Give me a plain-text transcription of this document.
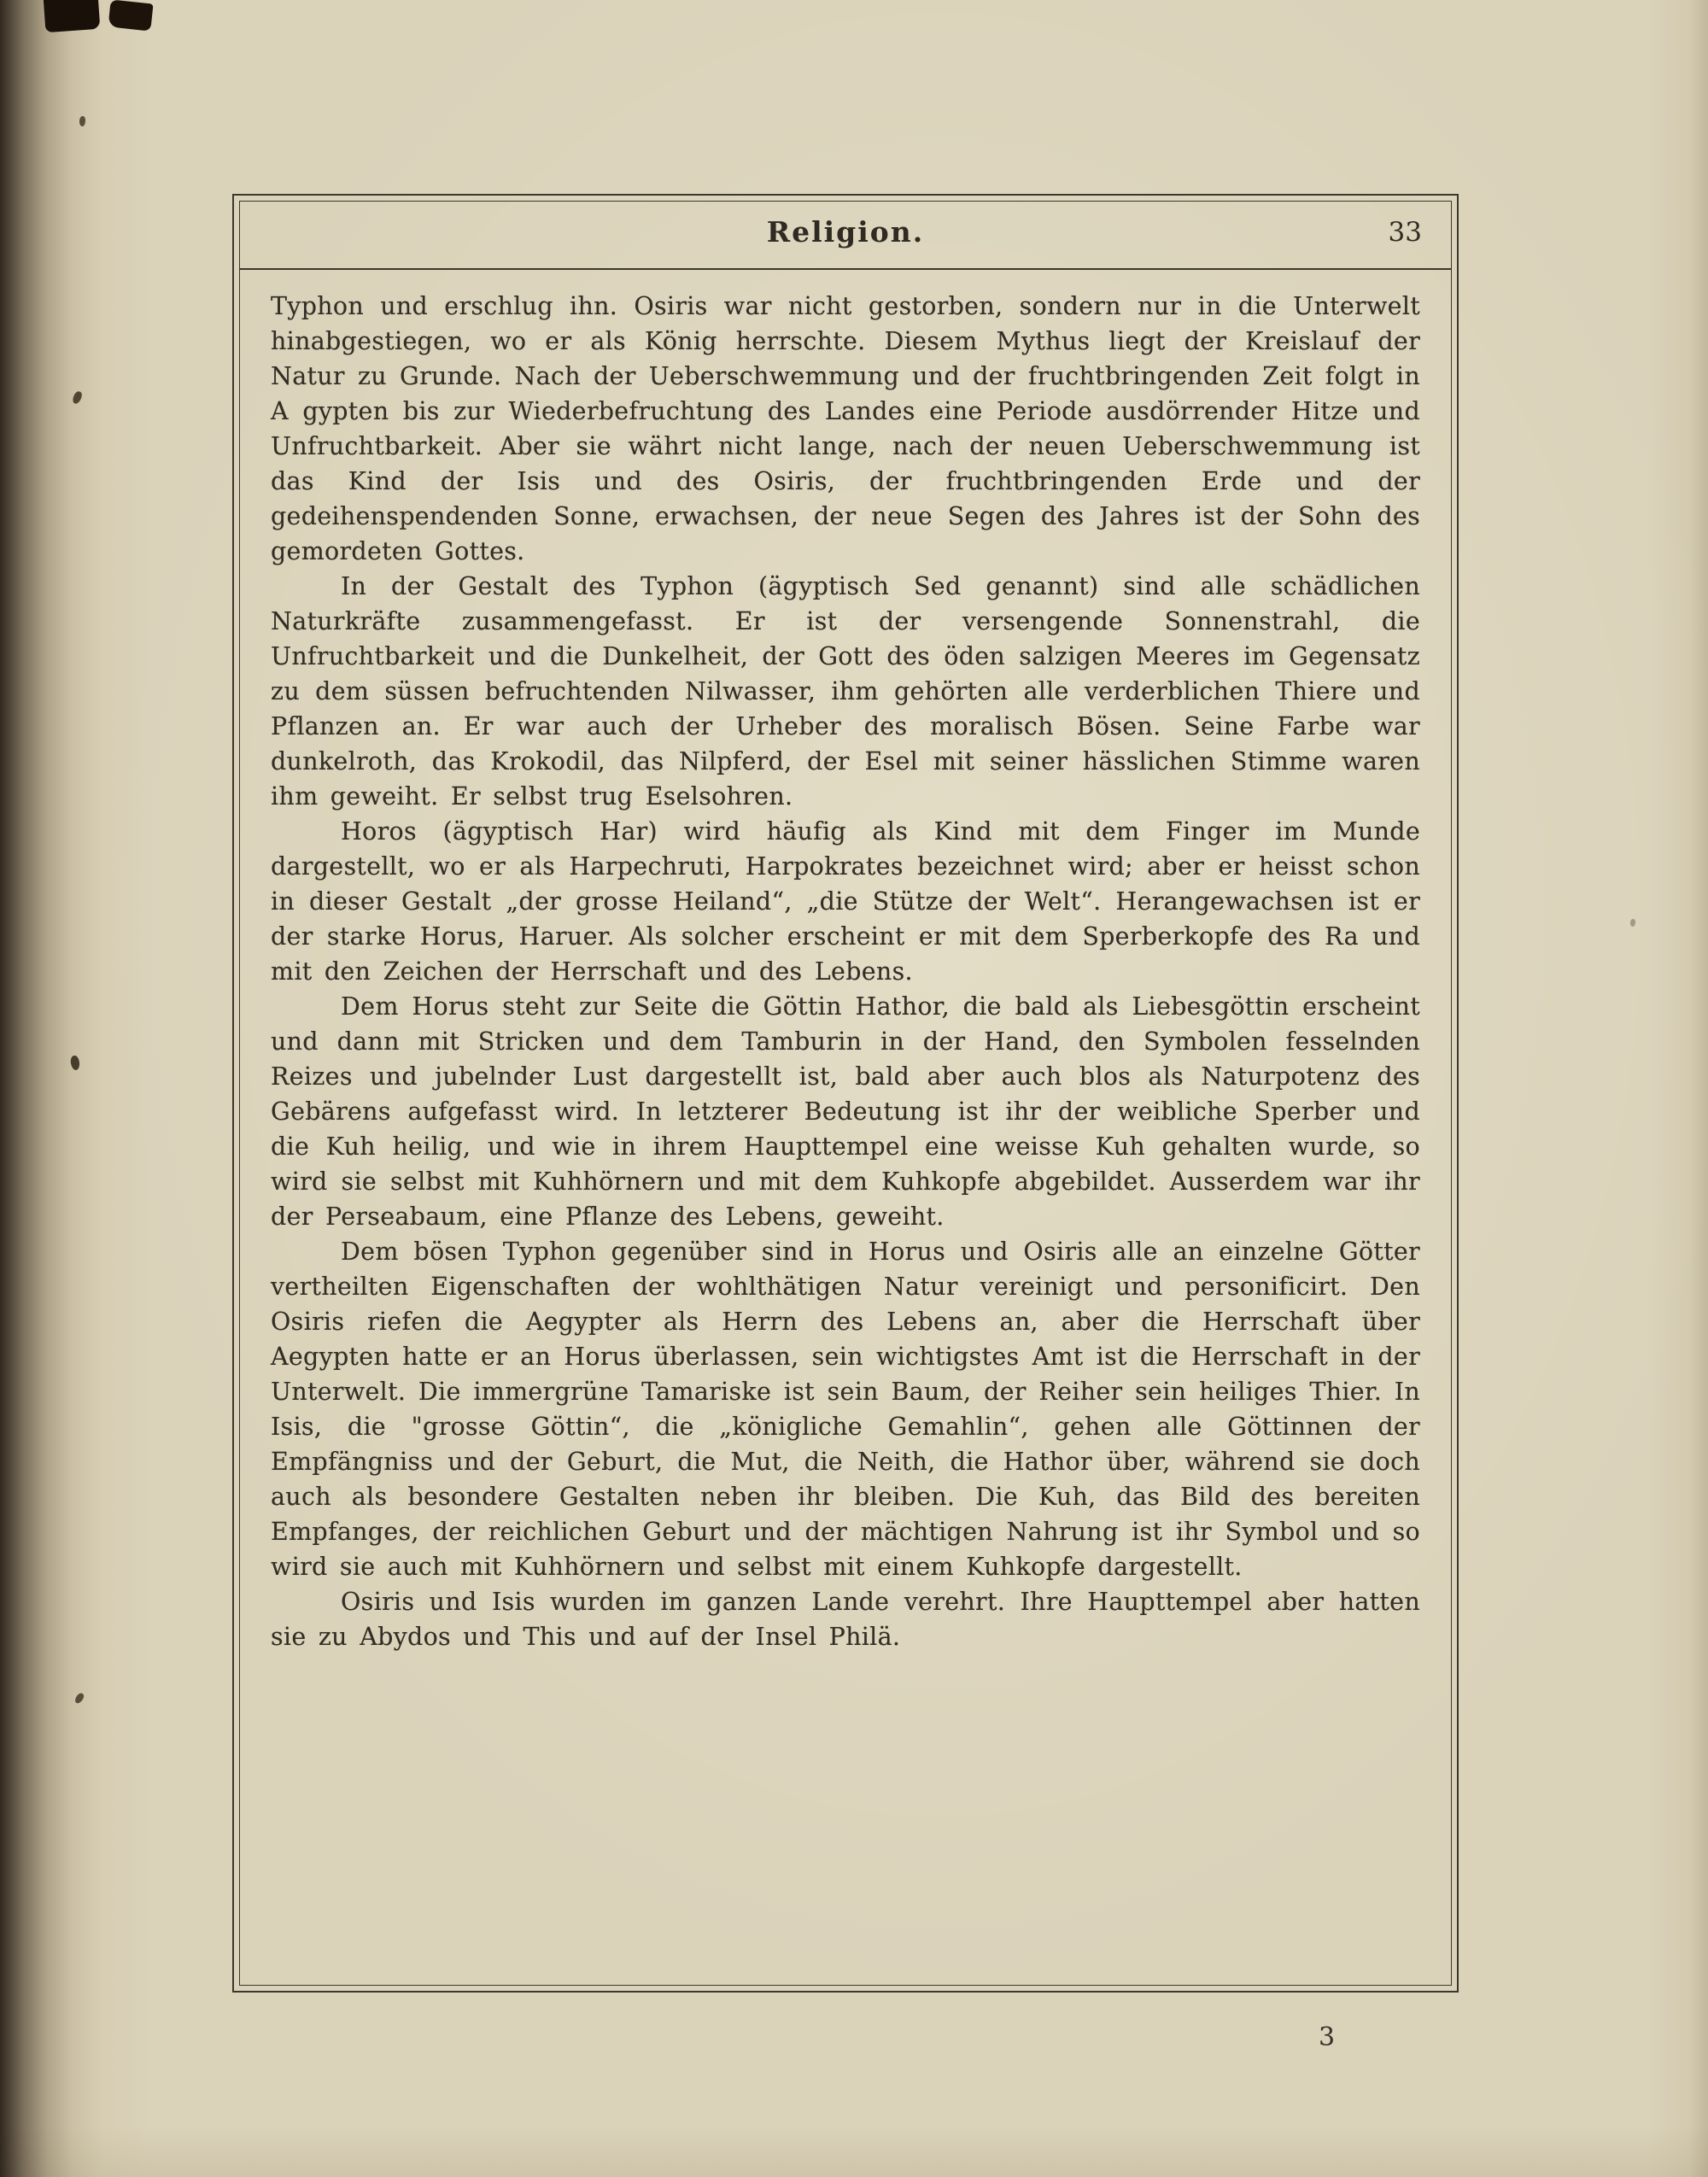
Religion.	33

Typhon und erschlug ihn. Osiris war nicht gestorben, sondern nur in die Unterwelt hinabgestiegen, wo er als König herrschte. Diesem Mythus liegt der Kreislauf der Natur zu Grunde. Nach der Ueberschwemmung und der fruchtbringenden Zeit folgt in A gypten bis zur Wiederbefruchtung des Landes eine Periode ausdörrender Hitze und Unfruchtbarkeit. Aber sie währt nicht lange, nach der neuen Ueberschwemmung ist das Kind der Isis und des Osiris, der fruchtbringenden Erde und der gedeihenspendenden Sonne, erwachsen, der neue Segen des Jahres ist der Sohn des gemordeten Gottes.

In der Gestalt des Typhon (ägyptisch Sed genannt) sind alle schädlichen Naturkräfte zusammengefasst. Er ist der versengende Sonnenstrahl, die Unfruchtbarkeit und die Dunkelheit, der Gott des öden salzigen Meeres im Gegensatz zu dem süssen befruchtenden Nilwasser, ihm gehörten alle verderblichen Thiere und Pflanzen an. Er war auch der Urheber des moralisch Bösen. Seine Farbe war dunkelroth, das Krokodil, das Nilpferd, der Esel mit seiner hässlichen Stimme waren ihm geweiht. Er selbst trug Eselsohren.

Horos (ägyptisch Har) wird häufig als Kind mit dem Finger im Munde dargestellt, wo er als Harpechruti, Harpokrates bezeichnet wird; aber er heisst schon in dieser Gestalt „der grosse Heiland“, „die Stütze der Welt“. Herangewachsen ist er der starke Horus, Haruer. Als solcher erscheint er mit dem Sperberkopfe des Ra und mit den Zeichen der Herrschaft und des Lebens.

Dem Horus steht zur Seite die Göttin Hathor, die bald als Liebesgöttin erscheint und dann mit Stricken und dem Tamburin in der Hand, den Symbolen fesselnden Reizes und jubelnder Lust dargestellt ist, bald aber auch blos als Naturpotenz des Gebärens aufgefasst wird. In letzterer Bedeutung ist ihr der weibliche Sperber und die Kuh heilig, und wie in ihrem Haupttempel eine weisse Kuh gehalten wurde, so wird sie selbst mit Kuhhörnern und mit dem Kuhkopfe abgebildet. Ausserdem war ihr der Perseabaum, eine Pflanze des Lebens, geweiht.

Dem bösen Typhon gegenüber sind in Horus und Osiris alle an einzelne Götter vertheilten Eigenschaften der wohlthätigen Natur vereinigt und personificirt. Den Osiris riefen die Aegypter als Herrn des Lebens an, aber die Herrschaft über Aegypten hatte er an Horus überlassen, sein wichtigstes Amt ist die Herrschaft in der Unterwelt. Die immergrüne Tamariske ist sein Baum, der Reiher sein heiliges Thier. In Isis, die "grosse Göttin“, die „königliche Gemahlin“, gehen alle Göttinnen der Empfängniss und der Geburt, die Mut, die Neith, die Hathor über, während sie doch auch als besondere Gestalten neben ihr bleiben. Die Kuh, das Bild des bereiten Empfanges, der reichlichen Geburt und der mächtigen Nahrung ist ihr Symbol und so wird sie auch mit Kuhhörnern und selbst mit einem Kuhkopfe dargestellt.

Osiris und Isis wurden im ganzen Lande verehrt. Ihre Haupttempel aber hatten sie zu Abydos und This und auf der Insel Philä.

3
